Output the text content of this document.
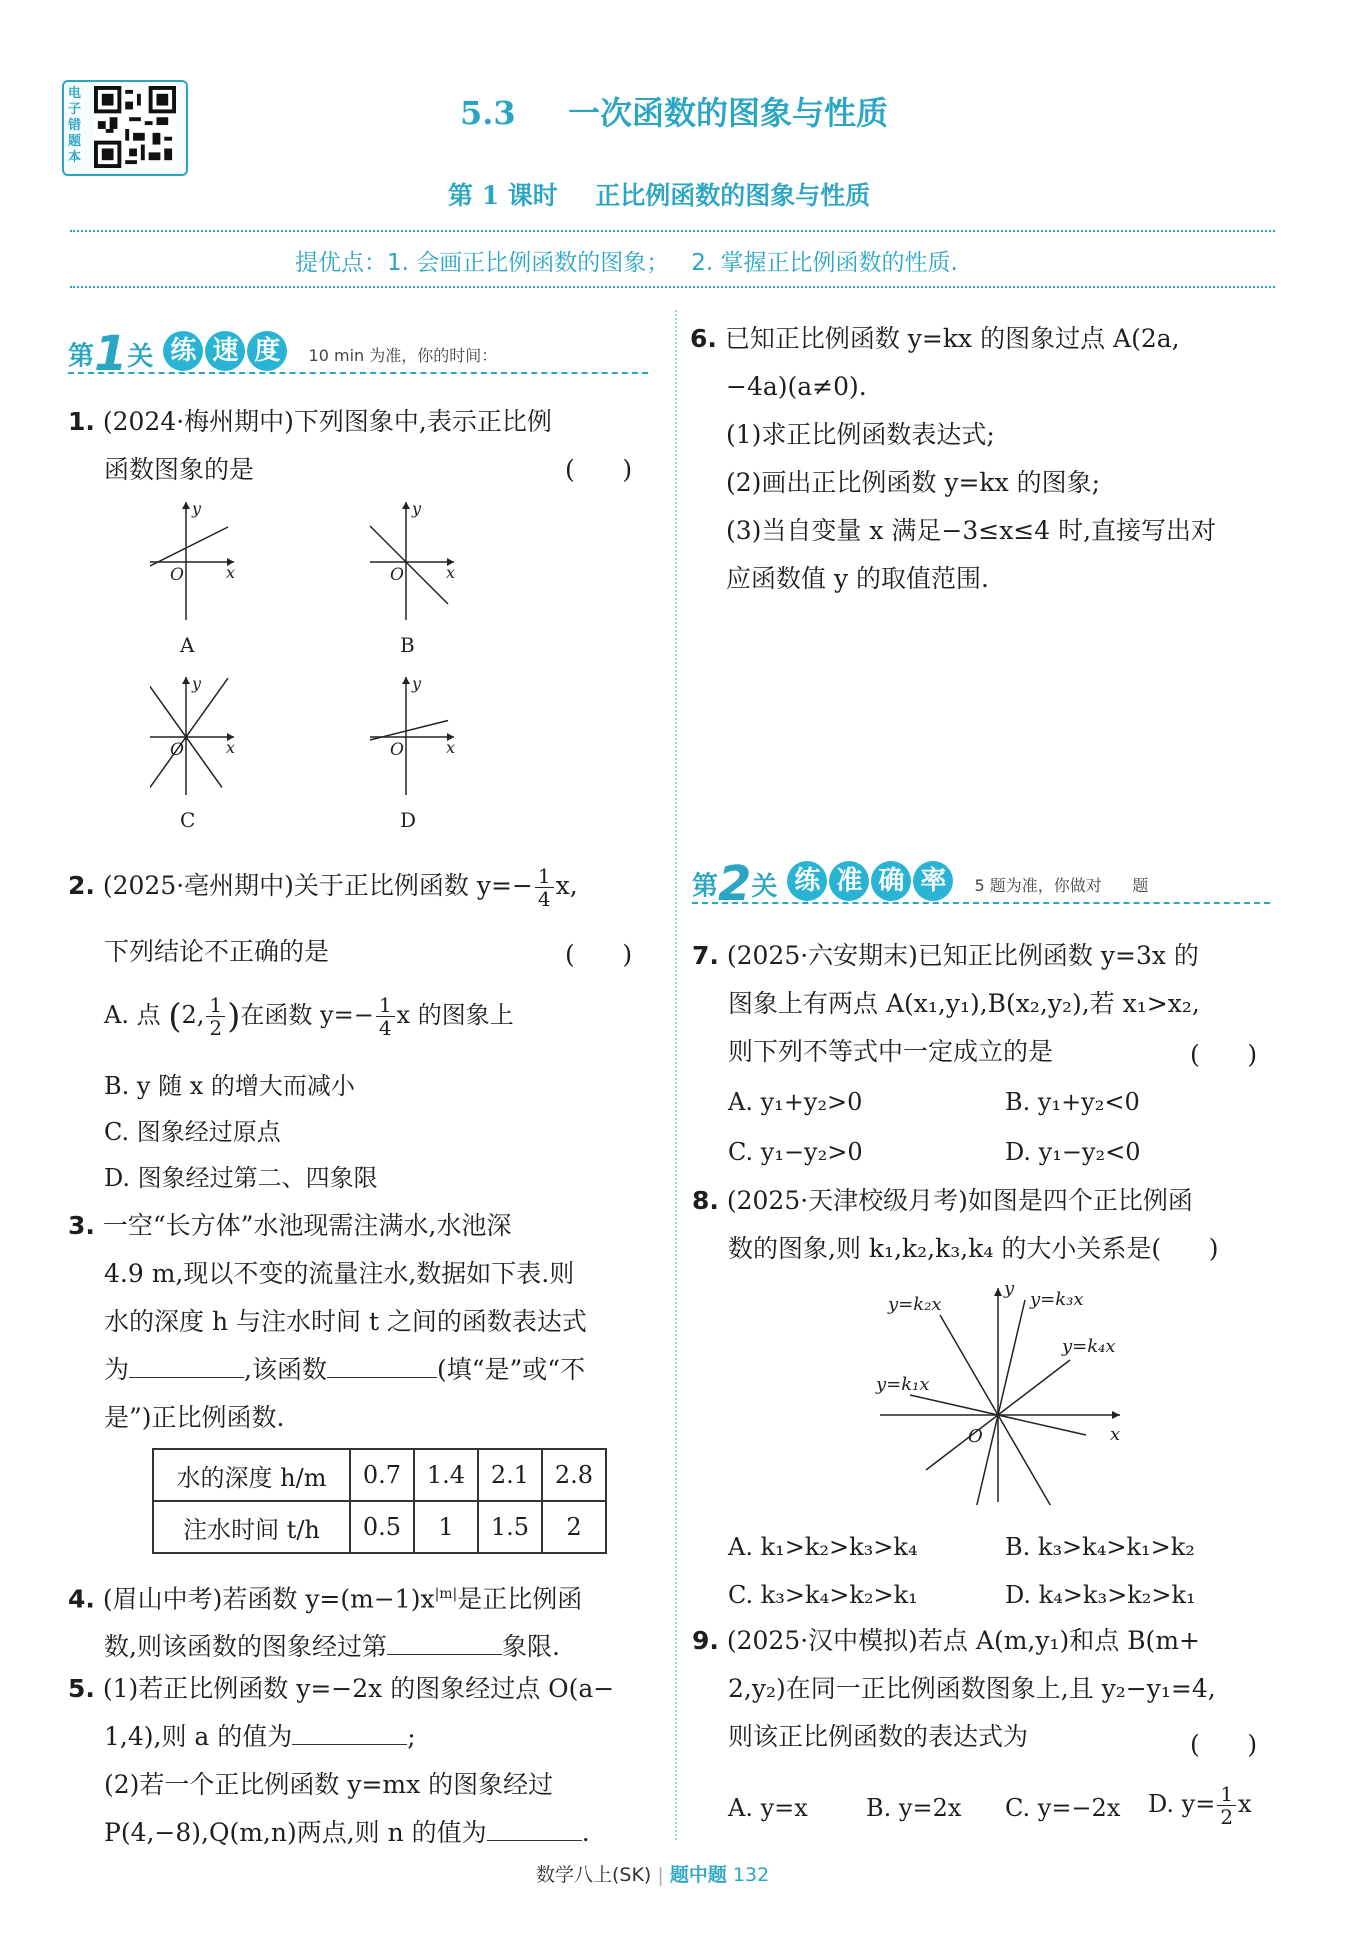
电
子
错
题
本
5.3 一次函数的图象与性质
第 1 课时 正比例函数的图象与性质
提优点：1. 会画正比例函数的图象；   2. 掌握正比例函数的性质.
第1关 练 速 度 10 min 为准，你的时间：
1. (2024·梅州期中)下列图象中,表示正比例
函数图象的是	(      )
y
x
O
A
y
x
O
B
y
x
O
C
y
x
O
D
2. (2025·亳州期中)关于正比例函数 $y=- \frac{1}{4} x$,
下列结论不正确的是	(      )
A. 点 (2, $\frac{1}{2}$ )在函数 $y=- \frac{1}{4}$ x 的图象上
B. y 随 x 的增大而减小
C. 图象经过原点
D. 图象经过第二、四象限
3. 一空“长方体”水池现需注满水,水池深
4.9 m,现以不变的流量注水,数据如下表.则
水的深度 h 与注水时间 t 之间的函数表达式
为	,该函数	(填“是”或“不
是”)正比例函数.
水的深度 h/m	0.7	1.4	2.1	2.8
注水时间 t/h	0.5	1	1.5	2
4. (眉山中考)若函数 $y=(m-1)x^{|m|}$是正比例函
数,则该函数的图象经过第	象限.
5. (1)若正比例函数 y=−2x 的图象经过点 O(a−
1,4),则 a 的值为	;
(2)若一个正比例函数 y=mx 的图象经过
P(4,−8),Q(m,n)两点,则 n 的值为	.
6. 已知正比例函数 y=kx 的图象过点 A(2a,
−4a)(a≠0).
(1)求正比例函数表达式;
(2)画出正比例函数 y=kx 的图象;
(3)当自变量 x 满足−3≤x≤4 时,直接写出对
应函数值 y 的取值范围.
第2关 练 准 确 率 5 题为准，你做对      题
7. (2025·六安期末)已知正比例函数 y=3x 的
图象上有两点 A(x₁,y₁),B(x₂,y₂),若 x₁>x₂,
则下列不等式中一定成立的是	(      )
A. y₁+y₂>0	B. y₁+y₂<0
C. y₁−y₂>0	D. y₁−y₂<0
8. (2025·天津校级月考)如图是四个正比例函
数的图象,则 k₁,k₂,k₃,k₄ 的大小关系是(      )
y=k₂x	y=k₃x
y=k₄x
y=k₁x
y
x
O
A. k₁>k₂>k₃>k₄	B. k₃>k₄>k₁>k₂
C. k₃>k₄>k₂>k₁	D. k₄>k₃>k₂>k₁
9. (2025·汉中模拟)若点 A(m,y₁)和点 B(m+
2,y₂)在同一正比例函数图象上,且 y₂−y₁=4,
则该正比例函数的表达式为	(      )
A. y=x B. y=2x C. y=−2x D. $y= \frac{1}{2}$ x
数学八上(SK) | 题中题 132
